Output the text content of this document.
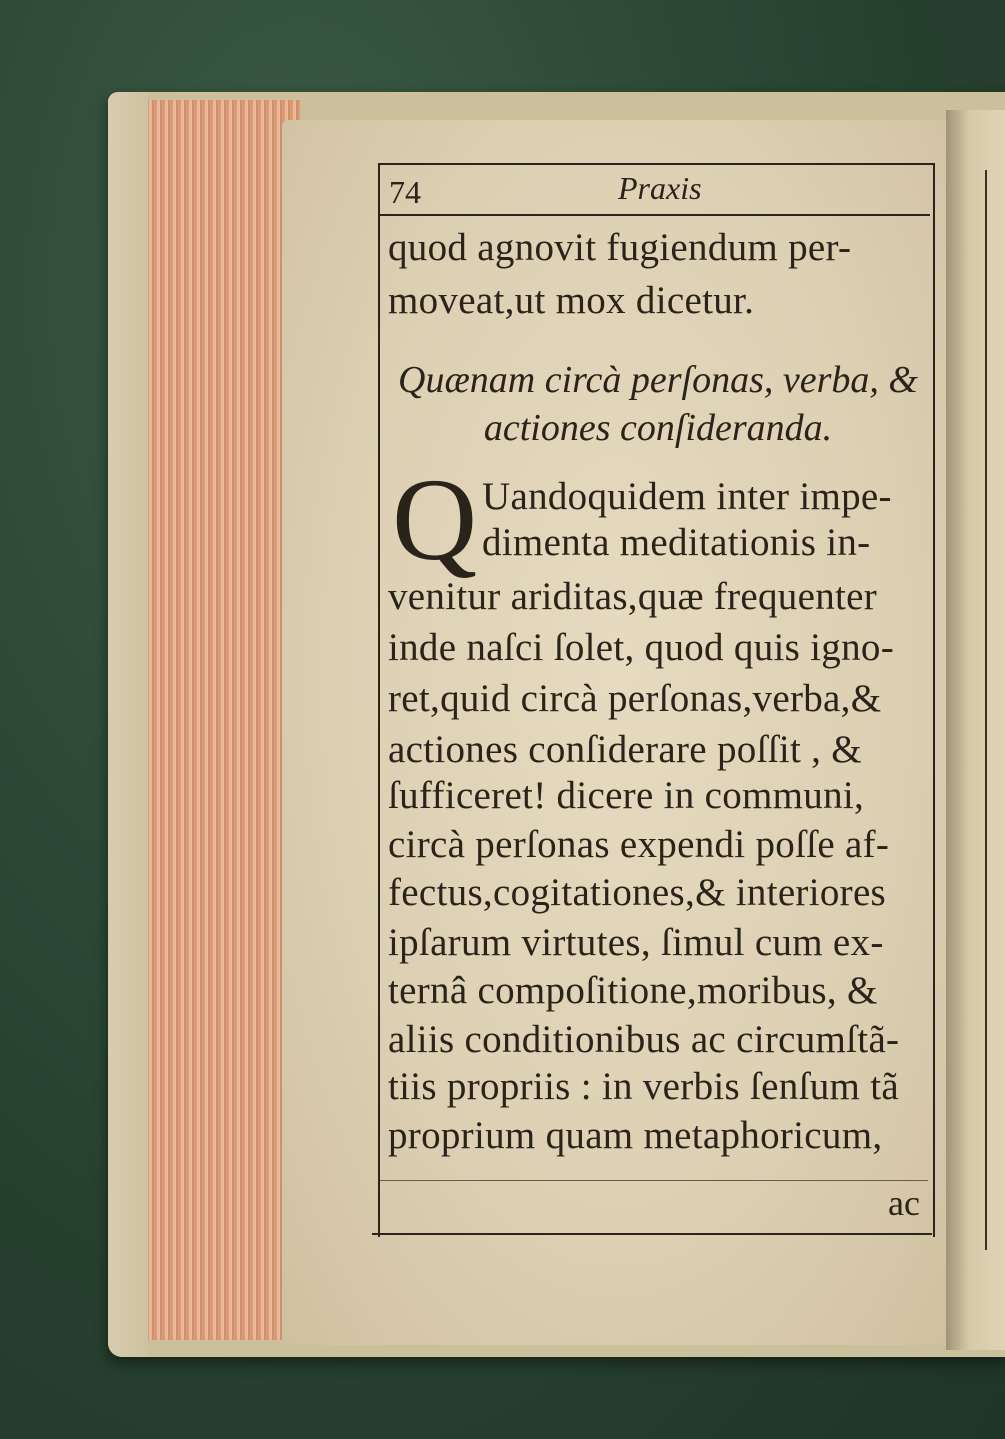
74	Praxis
quod agnovit fugiendum per-
moveat,ut mox dicetur.
Quænam circà perſonas, verba, &
actiones conſideranda.
Q Uandoquidem inter impe-
dimenta meditationis in-
venitur ariditas,quæ frequenter
inde naſci ſolet, quod quis igno-
ret,quid circà perſonas,verba,&
actiones conſiderare poſſit , &
ſufficeret! dicere in communi,
circà perſonas expendi poſſe af-
fectus,cogitationes,& interiores
ipſarum virtutes, ſimul cum ex-
ternâ compoſitione,moribus, &
aliis conditionibus ac circumſtã-
tiis propriis : in verbis ſenſum tã
proprium quam metaphoricum,
ac
